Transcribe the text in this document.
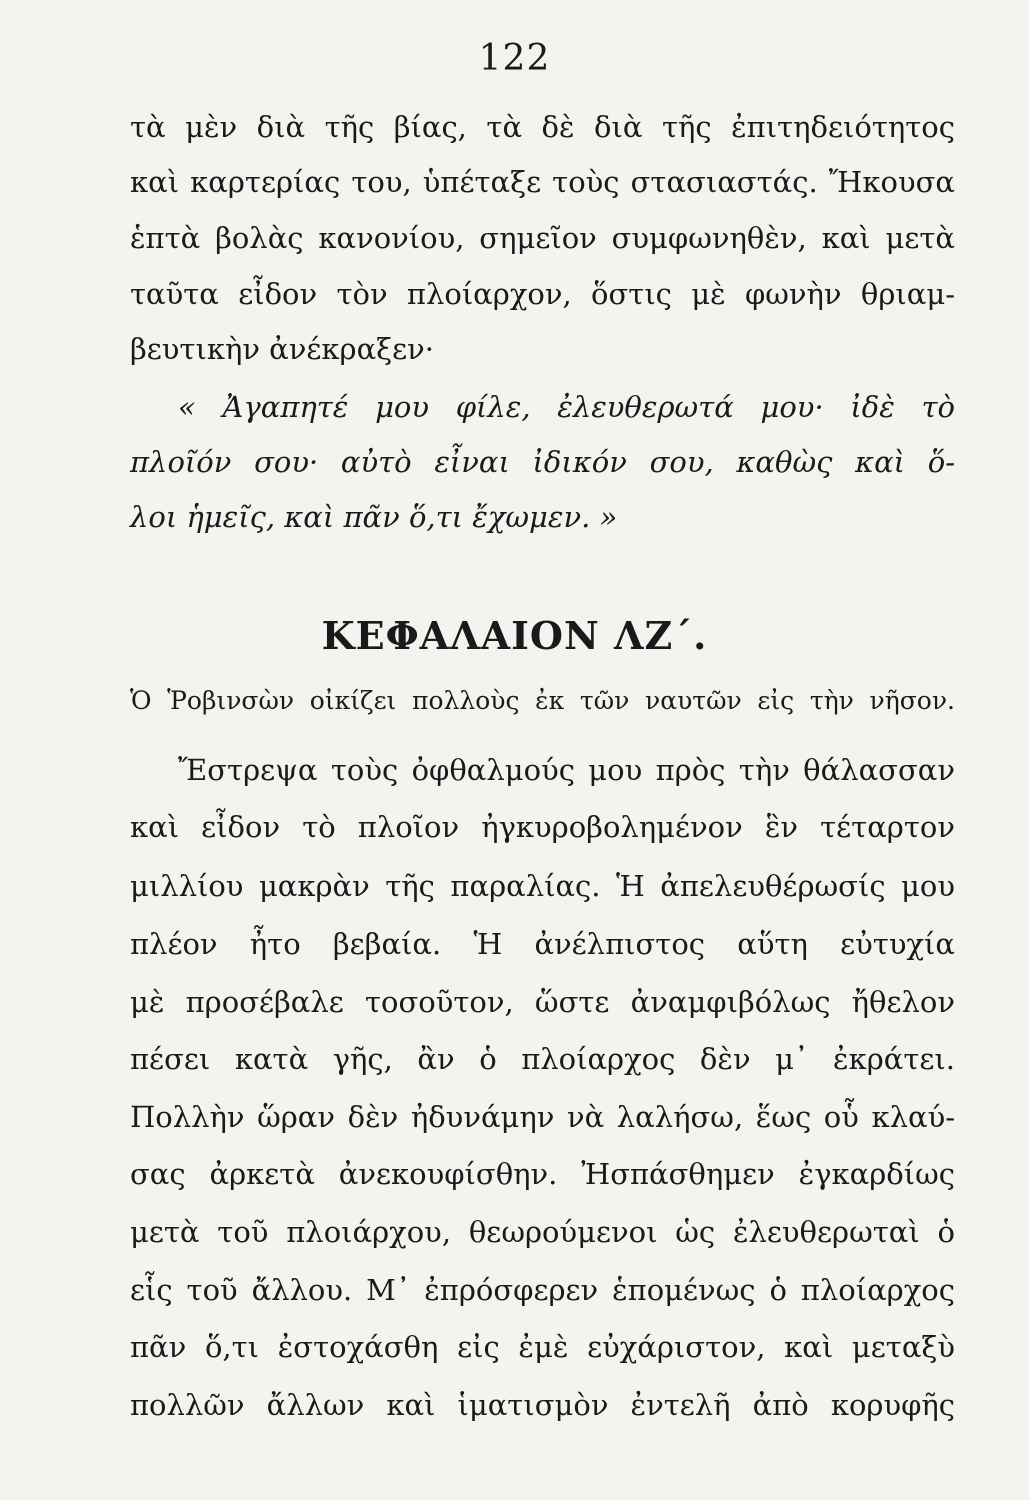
122
τὰ μὲν διὰ τῆς βίας, τὰ δὲ διὰ τῆς ἐπιτηδειότητος
καὶ καρτερίας του, ὑπέταξε τοὺς στασιαστάς. Ἤκουσα
ἑπτὰ βολὰς κανονίου, σημεῖον συμφωνηθὲν, καὶ μετὰ
ταῦτα εἶδον τὸν πλοίαρχον, ὅστις μὲ φωνὴν θριαμ-
βευτικὴν ἀνέκραξεν·
« Ἀγαπητέ μου φίλε, ἐλευθερωτά μου· ἰδὲ τὸ
πλοῖόν σου· αὐτὸ εἶναι ἰδικόν σου, καθὼς καὶ ὅ-
λοι ἡμεῖς, καὶ πᾶν ὅ,τι ἔχωμεν. »
ΚΕΦΑΛΑΙΟΝ ΛΖ΄.
Ὁ Ῥοβινσὼν οἰκίζει πολλοὺς ἐκ τῶν ναυτῶν εἰς τὴν νῆσον.
Ἔστρεψα τοὺς ὀφθαλμούς μου πρὸς τὴν θάλασσαν
καὶ εἶδον τὸ πλοῖον ἠγκυροβολημένον ἓν τέταρτον
μιλλίου μακρὰν τῆς παραλίας. Ἡ ἀπελευθέρωσίς μου
πλέον ἦτο βεβαία. Ἡ ἀνέλπιστος αὕτη εὐτυχία
μὲ προσέβαλε τοσοῦτον, ὥστε ἀναμφιβόλως ἤθελον
πέσει κατὰ γῆς, ἂν ὁ πλοίαρχος δὲν μ᾽ ἐκράτει.
Πολλὴν ὥραν δὲν ἠδυνάμην νὰ λαλήσω, ἕως οὗ κλαύ-
σας ἀρκετὰ ἀνεκουφίσθην. Ἠσπάσθημεν ἐγκαρδίως
μετὰ τοῦ πλοιάρχου, θεωρούμενοι ὡς ἐλευθερωταὶ ὁ
εἷς τοῦ ἄλλου. Μ᾽ ἐπρόσφερεν ἑπομένως ὁ πλοίαρχος
πᾶν ὅ,τι ἐστοχάσθη εἰς ἐμὲ εὐχάριστον, καὶ μεταξὺ
πολλῶν ἄλλων καὶ ἱματισμὸν ἐντελῆ ἀπὸ κορυφῆς
